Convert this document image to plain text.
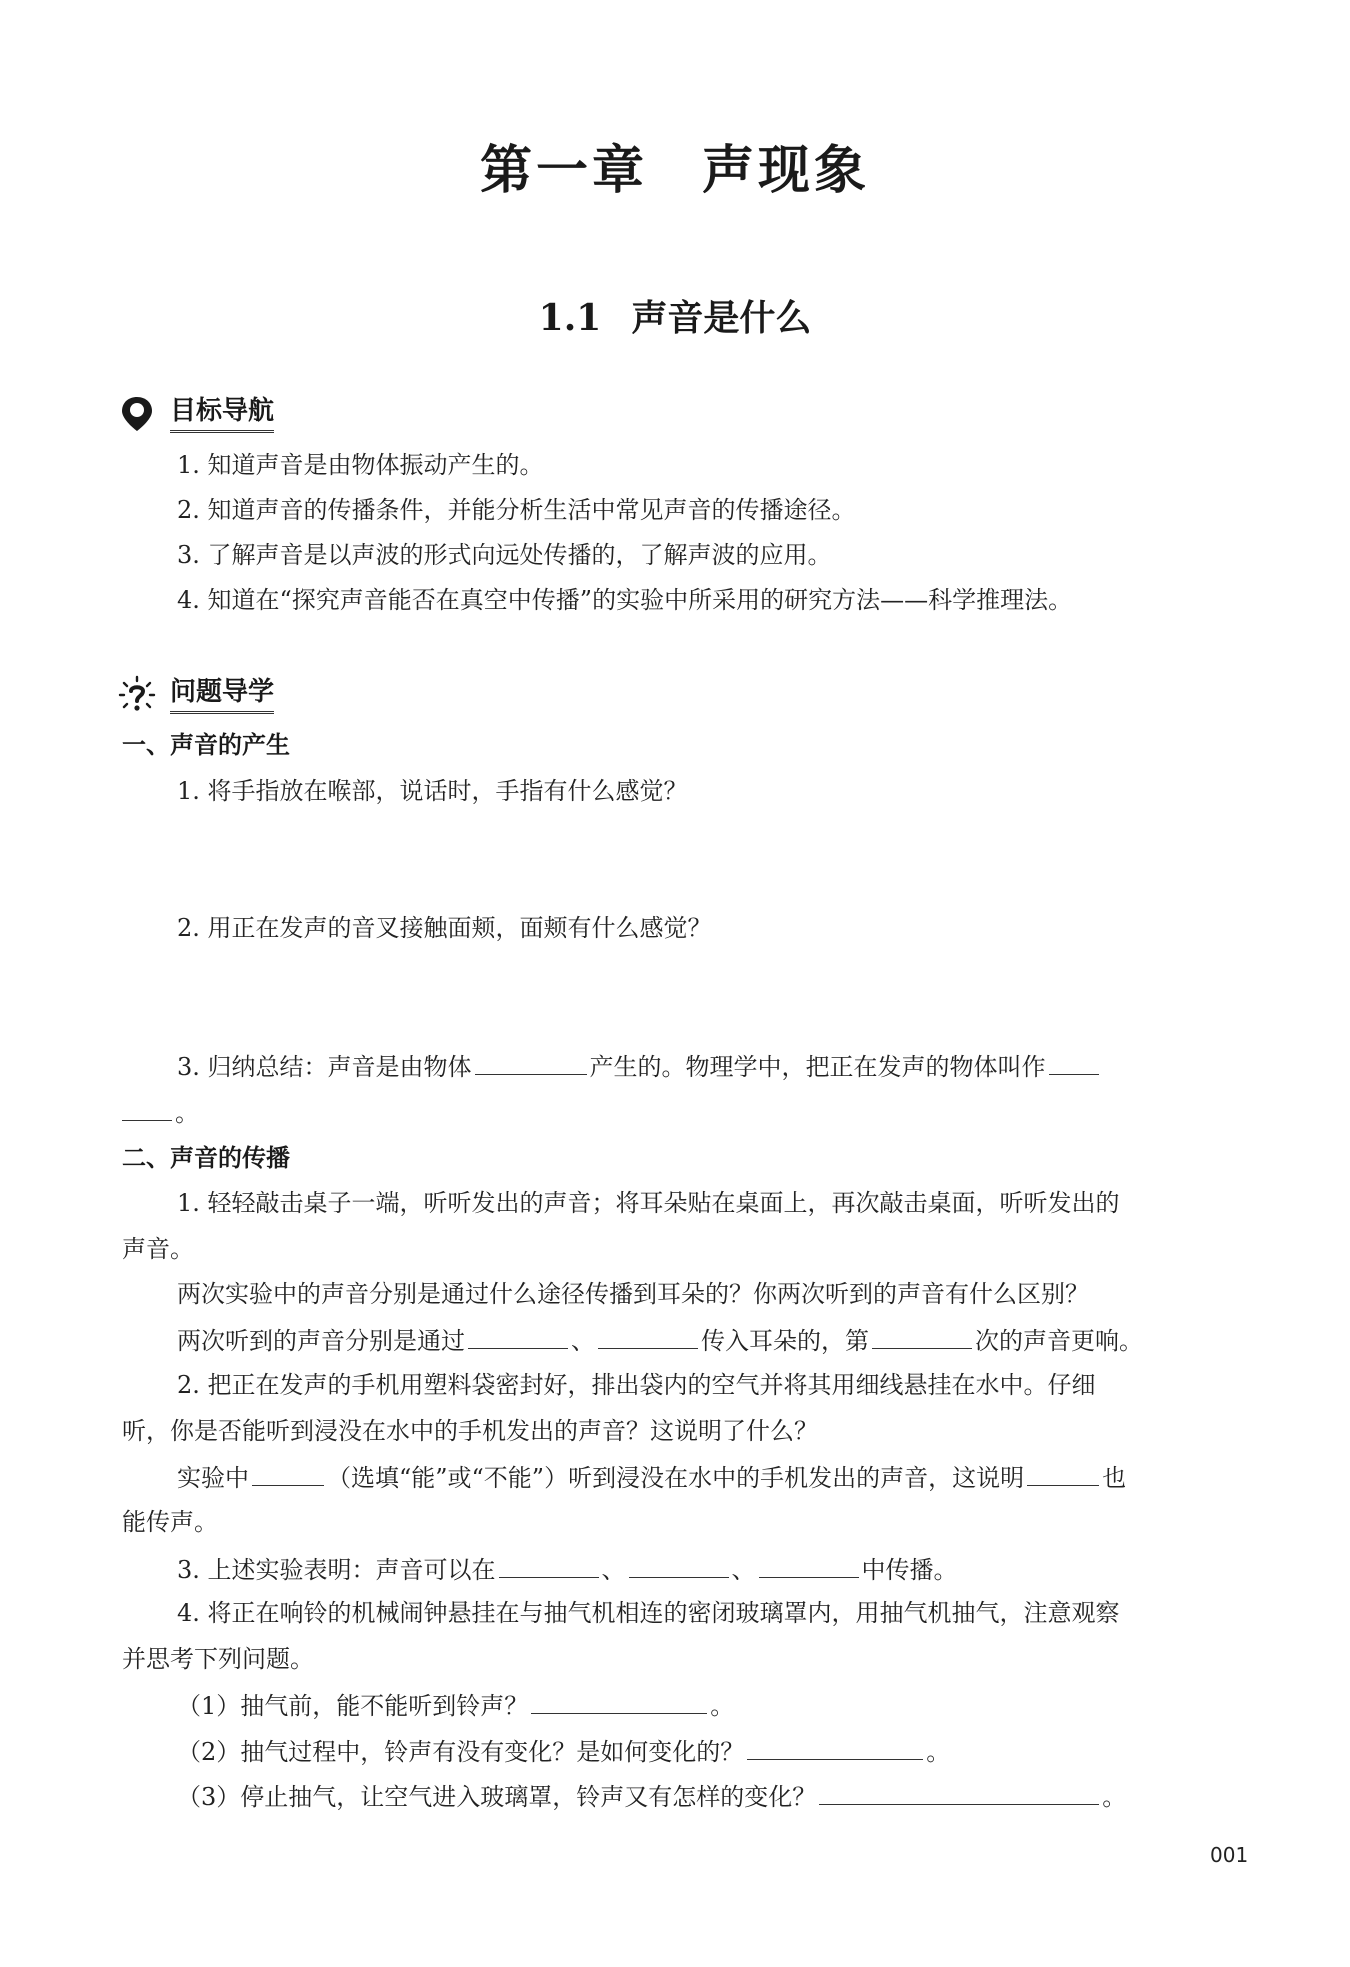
第一章 声现象
1.1 声音是什么
目标导航
1. 知道声音是由物体振动产生的。
2. 知道声音的传播条件，并能分析生活中常见声音的传播途径。
3. 了解声音是以声波的形式向远处传播的，了解声波的应用。
4. 知道在“探究声音能否在真空中传播”的实验中所采用的研究方法——科学推理法。
问题导学
一、声音的产生
1. 将手指放在喉部，说话时，手指有什么感觉？
2. 用正在发声的音叉接触面颊，面颊有什么感觉？
3. 归纳总结：声音是由物体	产生的。物理学中，把正在发声的物体叫作
。
二、声音的传播
1. 轻轻敲击桌子一端，听听发出的声音；将耳朵贴在桌面上，再次敲击桌面，听听发出的
声音。
两次实验中的声音分别是通过什么途径传播到耳朵的？你两次听到的声音有什么区别？
两次听到的声音分别是通过	、	传入耳朵的，第	次的声音更响。
2. 把正在发声的手机用塑料袋密封好，排出袋内的空气并将其用细线悬挂在水中。仔细
听，你是否能听到浸没在水中的手机发出的声音？这说明了什么？
实验中	（选填“能”或“不能”）听到浸没在水中的手机发出的声音，这说明	也
能传声。
3. 上述实验表明：声音可以在	、	、	中传播。
4. 将正在响铃的机械闹钟悬挂在与抽气机相连的密闭玻璃罩内，用抽气机抽气，注意观察
并思考下列问题。
（1）抽气前，能不能听到铃声？	。
（2）抽气过程中，铃声有没有变化？是如何变化的？	。
（3）停止抽气，让空气进入玻璃罩，铃声又有怎样的变化？	。
001
